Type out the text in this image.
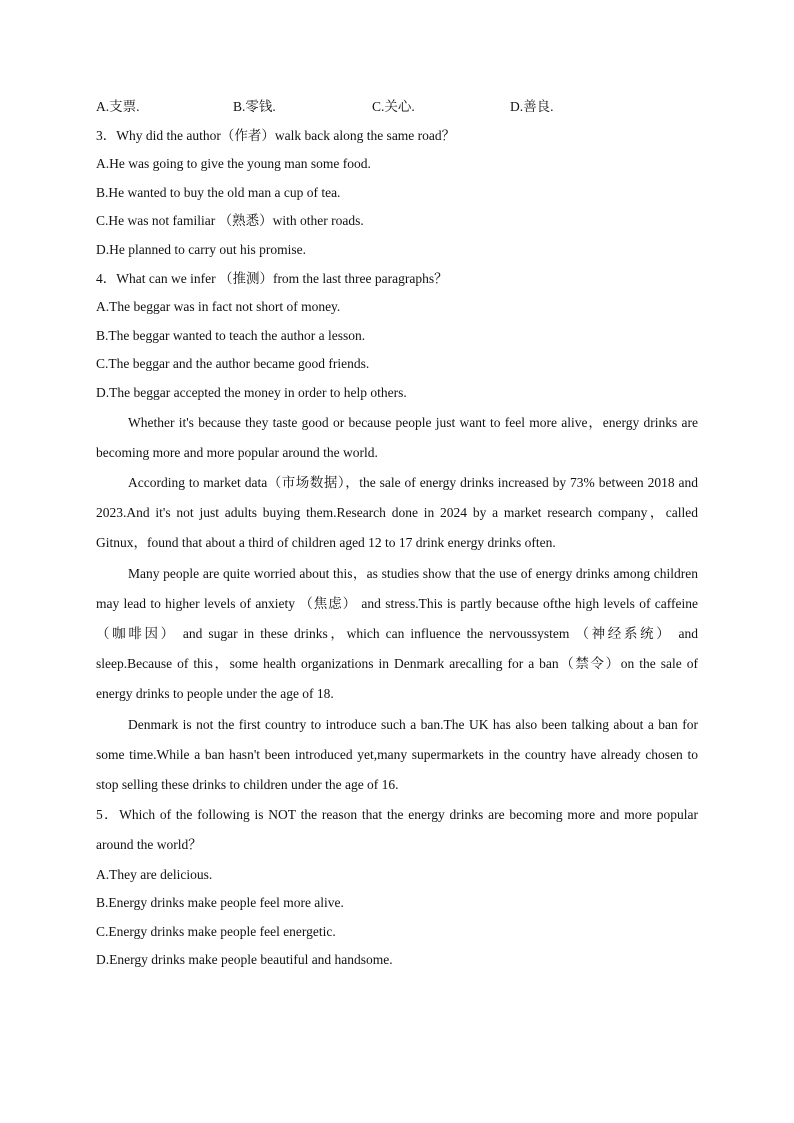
A.支票.	B.零钱.	C.关心.	D.善良.
3．Why did the author（作者）walk back along the same road？
A.He was going to give the young man some food.
B.He wanted to buy the old man a cup of tea.
C.He was not familiar （熟悉）with other roads.
D.He planned to carry out his promise.
4．What can we infer （推测）from the last three paragraphs？
A.The beggar was in fact not short of money.
B.The beggar wanted to teach the author a lesson.
C.The beggar and the author became good friends.
D.The beggar accepted the money in order to help others.

Whether it's because they taste good or because people just want to feel more alive，energy drinks are becoming more and more popular around the world.

According to market data（市场数据），the sale of energy drinks increased by 73% between 2018 and 2023.And it's not just adults buying them.Research done in 2024 by a market research company，called Gitnux，found that about a third of children aged 12 to 17 drink energy drinks often.

Many people are quite worried about this，as studies show that the use of energy drinks among children may lead to higher levels of anxiety （焦虑） and stress.This is partly because ofthe high levels of caffeine （咖啡因） and sugar in these drinks，which can influence the nervoussystem （神经系统） and sleep.Because of this，some health organizations in Denmark arecalling for a ban（禁令）on the sale of energy drinks to people under the age of 18.

Denmark is not the first country to introduce such a ban.The UK has also been talking about a ban for some time.While a ban hasn't been introduced yet,many supermarkets in the country have already chosen to stop selling these drinks to children under the age of 16.

5．Which of the following is NOT the reason that the energy drinks are becoming more and more popular around the world？

A.They are delicious.
B.Energy drinks make people feel more alive.
C.Energy drinks make people feel energetic.
D.Energy drinks make people beautiful and handsome.
